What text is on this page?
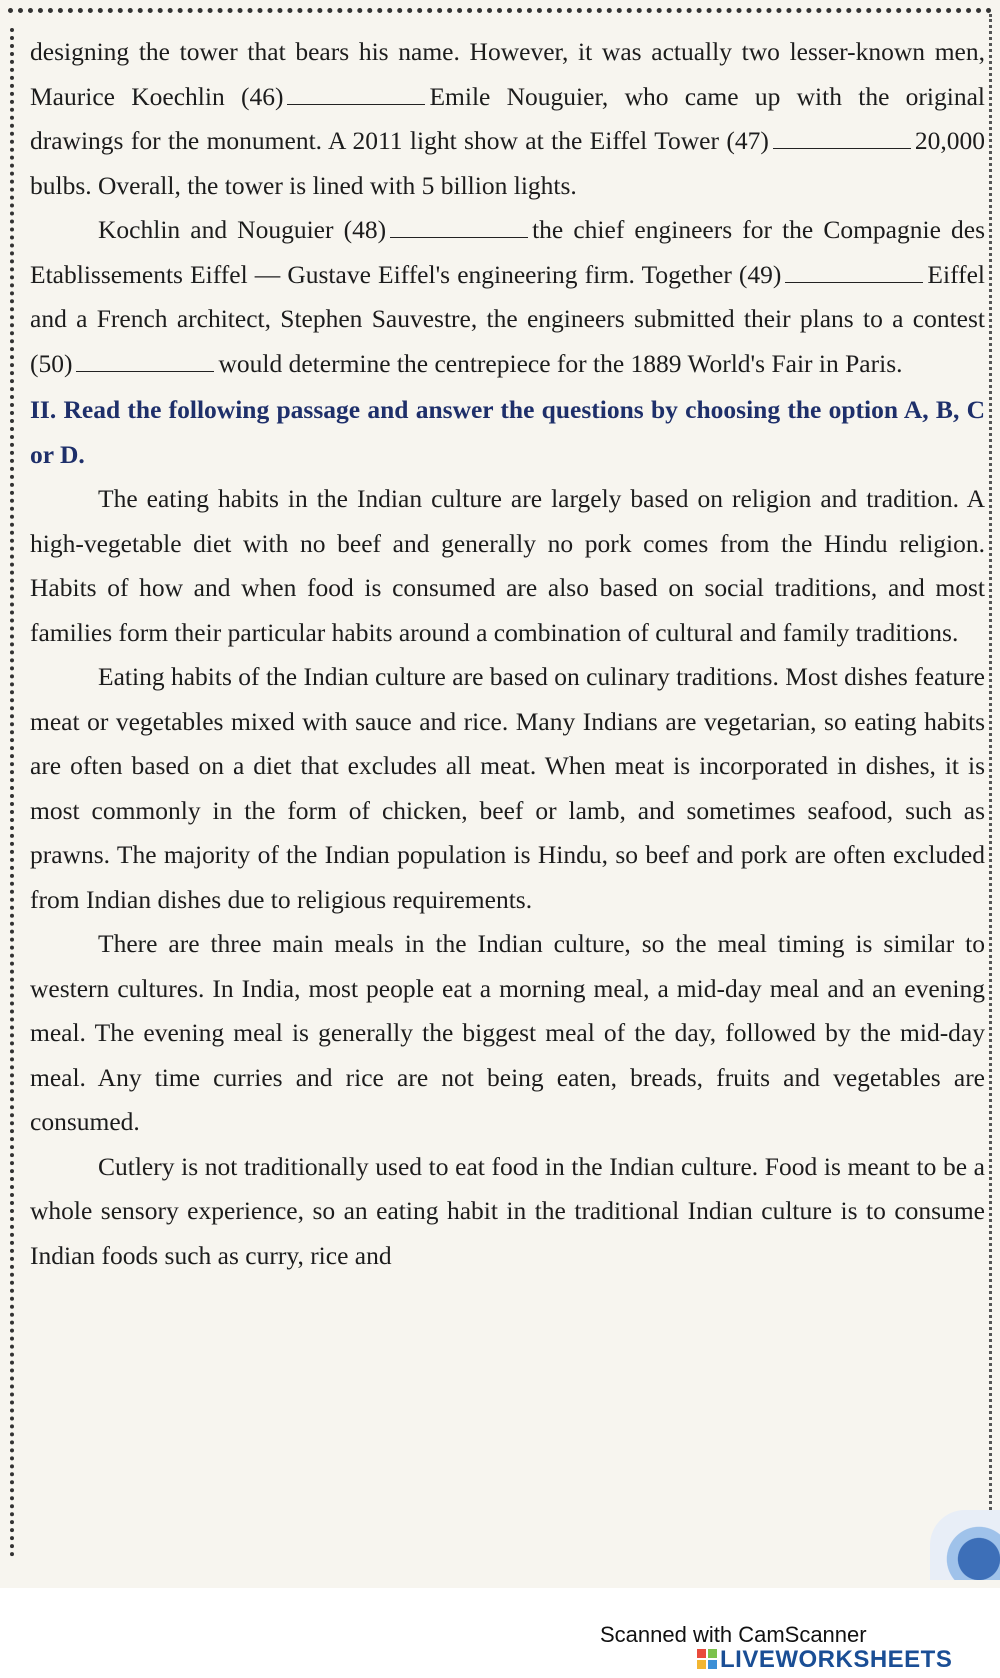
designing the tower that bears his name. However, it was actually two lesser-known men, Maurice Koechlin (46)	Emile Nouguier, who came up with the original drawings for the monument. A 2011 light show at the Eiffel Tower (47)	20,000 bulbs. Overall, the tower is lined with 5 billion lights.

Kochlin and Nouguier (48)	the chief engineers for the Compagnie des Etablissements Eiffel — Gustave Eiffel's engineering firm. Together (49)	Eiffel and a French architect, Stephen Sauvestre, the engineers submitted their plans to a contest (50)	would determine the centrepiece for the 1889 World's Fair in Paris.

II. Read the following passage and answer the questions by choosing the option A, B, C or D.

The eating habits in the Indian culture are largely based on religion and tradition. A high-vegetable diet with no beef and generally no pork comes from the Hindu religion. Habits of how and when food is consumed are also based on social traditions, and most families form their particular habits around a combination of cultural and family traditions.

Eating habits of the Indian culture are based on culinary traditions. Most dishes feature meat or vegetables mixed with sauce and rice. Many Indians are vegetarian, so eating habits are often based on a diet that excludes all meat. When meat is incorporated in dishes, it is most commonly in the form of chicken, beef or lamb, and sometimes seafood, such as prawns. The majority of the Indian population is Hindu, so beef and pork are often excluded from Indian dishes due to religious requirements.

There are three main meals in the Indian culture, so the meal timing is similar to western cultures. In India, most people eat a morning meal, a mid-day meal and an evening meal. The evening meal is generally the biggest meal of the day, followed by the mid-day meal. Any time curries and rice are not being eaten, breads, fruits and vegetables are consumed.

Cutlery is not traditionally used to eat food in the Indian culture. Food is meant to be a whole sensory experience, so an eating habit in the traditional Indian culture is to consume Indian foods such as curry, rice and

Scanned with CamScanner
LIVEWORKSHEETS
